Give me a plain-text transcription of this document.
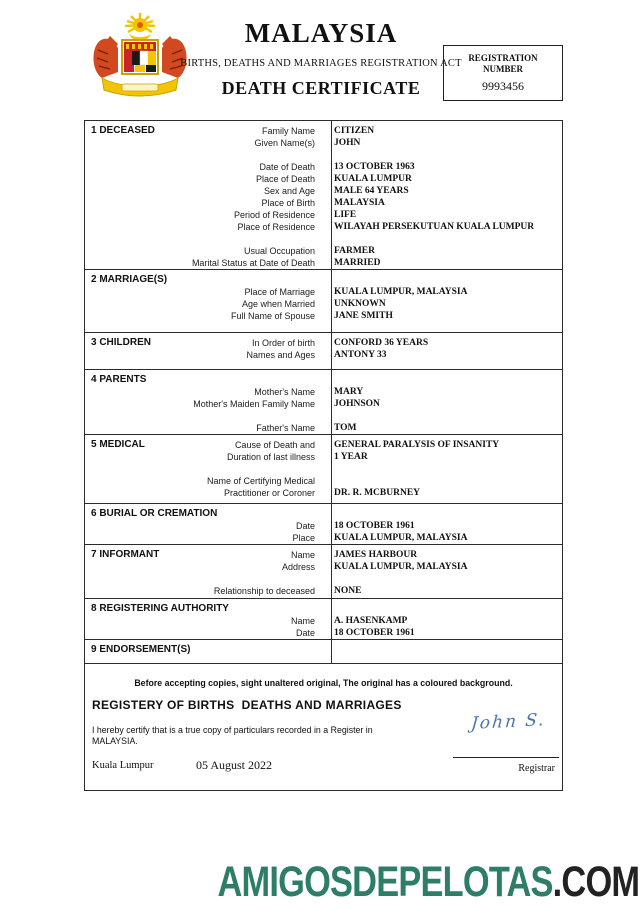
MALAYSIA
BIRTHS, DEATHS AND MARRIAGES REGISTRATION ACT
DEATH CERTIFICATE
REGISTRATION NUMBER
9993456
1 DECEASED	Family Name	CITIZEN
Given Name(s)	JOHN
Date of Death	13 OCTOBER 1963
Place of Death	KUALA LUMPUR
Sex and Age	MALE 64 YEARS
Place of Birth	MALAYSIA
Period of Residence	LIFE
Place of Residence	WILAYAH PERSEKUTUAN KUALA LUMPUR
Usual Occupation	FARMER
Marital Status at Date of Death	MARRIED
2 MARRIAGE(S)
Place of Marriage	KUALA LUMPUR, MALAYSIA
Age when Married	UNKNOWN
Full Name of Spouse	JANE SMITH
3 CHILDREN	In Order of birth	CONFORD 36 YEARS
Names and Ages	ANTONY 33
4 PARENTS
Mother's Name	MARY
Mother's Maiden Family Name	JOHNSON
Father's Name	TOM
5 MEDICAL	Cause of Death and	GENERAL PARALYSIS OF INSANITY
Duration of last illness	1 YEAR
Name of Certifying Medical
Practitioner or Coroner	DR. R. MCBURNEY
6 BURIAL OR CREMATION
Date	18 OCTOBER 1961
Place	KUALA LUMPUR, MALAYSIA
7 INFORMANT	Name	JAMES HARBOUR
Address	KUALA LUMPUR, MALAYSIA
Relationship to deceased	NONE
8 REGISTERING AUTHORITY
Name	A. HASENKAMP
Date	18 OCTOBER 1961
9 ENDORSEMENT(S)
Before accepting copies, sight unaltered original, The original has a coloured background.
REGISTERY OF BIRTHS  DEATHS AND MARRIAGES
I hereby certify that is a true copy of particulars recorded in a Register in
MALAYSIA.
John S.
Registrar
Kuala Lumpur	05 August 2022
AMIGOSDEPELOTAS.COM
